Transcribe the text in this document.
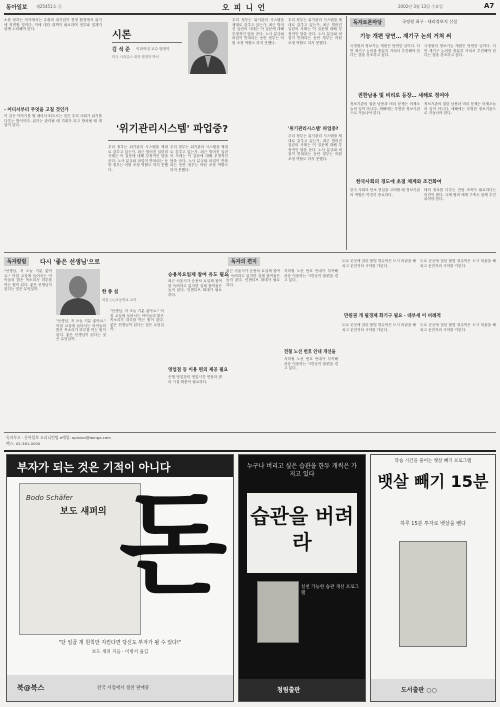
동아일보 제25451호 ⓐ	오 피 니 언	2002년 3월 13일 수요일	A7
소를 당하는 자식에서는 수출과 대기업이 경영 환경에서 위기에 직면할 것이다. 이에 대한 대책이 필요하며 정부와 업계가 함께 노력해야 한다.
- 어디서부터 무엇을 고칠 것인가
이 같은 이야기를 할 때마다 떠오르는 것은 우리 사회가 위기를 다루는 방식이다. 위기는 관리될 때 기회가 되고 방치될 때 재앙이 된다.
시론
김 석 준 이화여대 교수·행정학
미국 시라큐스 대학 행정학 박사
'위기관리시스템' 파업중?
우리 정부는 위기관리 시스템을 제대로 갖추고 있는가. 최근 벌어진 일련의 사태는 이 질문에 대해 부정적인 답을 준다. 노사 분규와 파업이 반복되는 동안 정부는 어떤 조정 역할도 하지 못했다.
우리 정부는 위기관리 시스템을 제대로 갖추고 있는가. 최근 벌어진 일련의 사태는 이 질문에 대해 부정적인 답을 준다. 노사 분규와 파업이 반복되는 동안 정부는 어떤 조정 역할도 하지 못했다.
우리 정부는 위기관리 시스템을 제대로 갖추고 있는가. 최근 벌어진 일련의 사태는 이 질문에 대해 부정적인 답을 준다. 노사 분규와 파업이 반복되는 동안 정부는 어떤 조정 역할도 하지 못했다.
'위기관리시스템' 파업중?
우리 정부는 위기관리 시스템을 제대로 갖추고 있는가. 최근 벌어진 일련의 사태는 이 질문에 대해 부정적인 답을 준다. 노사 분규와 파업이 반복되는 동안 정부는 어떤 조정 역할도 하지 못했다.
우리 정부는 위기관리 시스템을 제대로 갖추고 있는가. 최근 벌어진 일련의 사태는 이 질문에 대해 부정적인 답을 준다. 노사 분규와 파업이 반복되는 동안 정부는 어떤 조정 역할도 하지 못했다.
독자토론마당	국정원 최구 · 테러정보지 신설
기능 개편 당연… 재기구 논의 거쳐 써
국정원의 정보기능 개편은 당연한 일이다. 다만 재기구 논의를 충분히 거쳐서 추진해야 한다는 점을 강조하고 싶다.
국정원의 정보기능 개편은 당연한 일이다. 다만 재기구 논의를 충분히 거쳐서 추진해야 한다는 점을 강조하고 싶다.
권한남용 및 비리로 등장… 새해로 정여야
정보기관의 권한 남용과 비리 문제는 어제오늘의 일이 아니다. 새해에는 투명한 정보기관으로 거듭나야 한다.
정보기관의 권한 남용과 비리 문제는 어제오늘의 일이 아니다. 새해에는 투명한 정보기관으로 거듭나야 한다.
한국사회의 경도에 초점 체계와 조건화여
한국 사회의 안보 현실을 고려할 때 정보기관의 역할은 여전히 중요하다.
테러 정보를 다루는 전담 조직이 필요하다는 의견이 많다. 국제 협력 체계 구축도 함께 추진되어야 한다.
독자칼럼	다시 '좋은 선생님'으로
"선생님, 저 오늘 기분 좋아요." 아침 교실에 들어서는 아이들의 밝은 목소리가 하루를 여는 힘이 된다. 좋은 선생님이 된다는 것은 무엇일까.
한 종 섭
서울 ○○초등학교 교사
"선생님, 저 오늘 기분 좋아요." 아침 교실에 들어서는 아이들의 밝은 목소리가 하루를 여는 힘이 된다. 좋은 선생님이 된다는 것은 무엇일까.
"선생님, 저 오늘 기분 좋아요." 아침 교실에 들어서는 아이들의 밝은 목소리가 하루를 여는 힘이 된다. 좋은 선생님이 된다는 것은 무엇일까.
독자의 편지
승용차요일제 참여 유도 필요
최근 서울시가 승용차 요일제 참여를 독려하고 있지만 실제 참여율은 높지 않다. 인센티브 확대가 필요하다.
영업점 등 이용 편의 제공 필요
은행 영업점의 영업시간 연장과 편의 시설 확충이 필요하다.
최근 서울시가 승용차 요일제 참여를 독려하고 있지만 실제 참여율은 높지 않다. 인센티브 확대가 필요하다.
지하철 노선 번호 안내가 부족해 처음 이용하는 시민들이 불편을 겪고 있다.
전철 노선 번호 안내 개선을
지하철 노선 번호 안내가 부족해 처음 이용하는 시민들이 불편을 겪고 있다.
도로 곳곳에 걸린 불법 현수막은 도시 미관을 해치고 운전자의 시야를 가린다.
도로 곳곳에 걸린 불법 현수막은 도시 미관을 해치고 운전자의 시야를 가린다.
만원권 개 필경제 화기구 필요 · 대부세 이 비례적
도로 곳곳에 걸린 불법 현수막은 도시 미관을 해치고 운전자의 시야를 가린다.
도로 곳곳에 걸린 불법 현수막은 도시 미관을 해치고 운전자의 시야를 가린다.
독자투고 · 동아일보 오피니언팀 e메일: opinion@donga.com
팩스: 02-361-0000
부자가 되는 것은 기적이 아니다
Bodo Schäfer
보도 섀퍼의 돈
"단 일곱 개 원칙만 지킨다면 당신도 부자가 될 수 있다!"
보도 섀퍼 지음 · 이병서 옮김
북@북스	전국 서점에서 절찬 판매중
누구나 버리고 싶은 습관을 한두 개씩은 가지고 있다
습관을 버려라
실천 가능한 습관 개선 프로그램
청림출판
학습 시간을 줄이는 뱃살 빼기 프로그램
뱃살 빼기 15분
하루 15분 투자로 뱃살을 뺀다
도서출판 ○○
